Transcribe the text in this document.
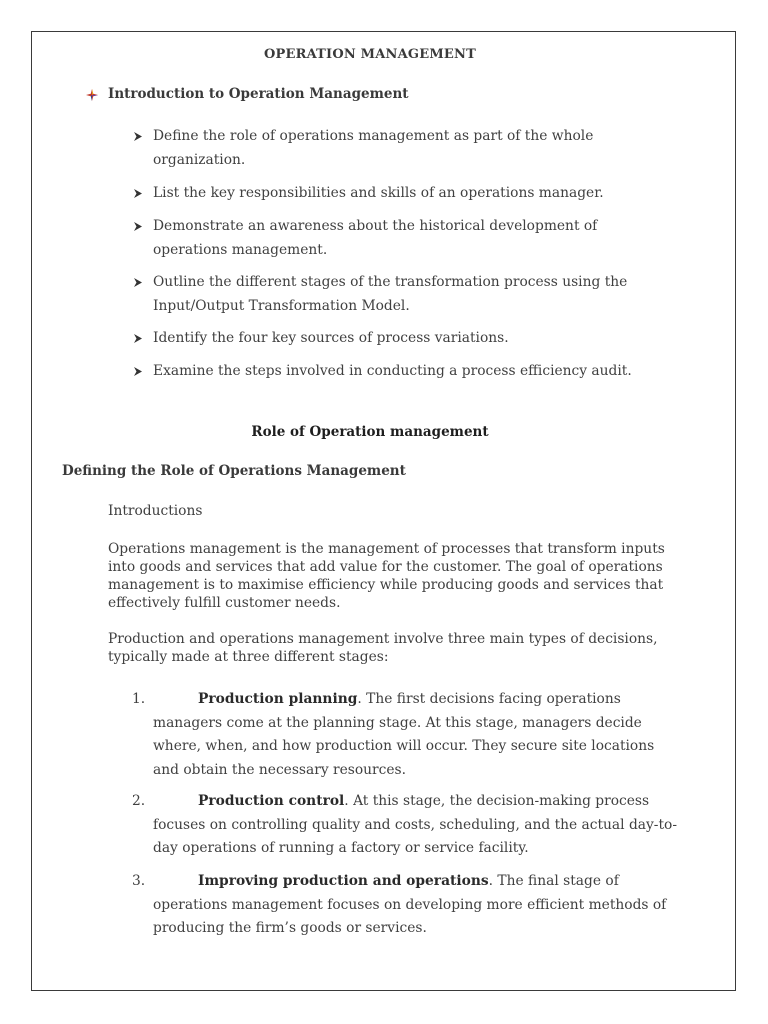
OPERATION MANAGEMENT
Introduction to Operation Management
Define the role of operations management as part of the whole organization.
List the key responsibilities and skills of an operations manager.
Demonstrate an awareness about the historical development of operations management.
Outline the different stages of the transformation process using the Input/Output Transformation Model.
Identify the four key sources of process variations.
Examine the steps involved in conducting a process efficiency audit.
Role of Operation management
Defining the Role of Operations Management
Introductions
Operations management is the management of processes that transform inputs into goods and services that add value for the customer. The goal of operations management is to maximise efficiency while producing goods and services that effectively fulfill customer needs.
Production and operations management involve three main types of decisions, typically made at three different stages:
1.	Production planning. The first decisions facing operations managers come at the planning stage. At this stage, managers decide where, when, and how production will occur. They secure site locations and obtain the necessary resources.
2.	Production control. At this stage, the decision-making process focuses on controlling quality and costs, scheduling, and the actual day-to-day operations of running a factory or service facility.
3.	Improving production and operations. The final stage of operations management focuses on developing more efficient methods of producing the firm’s goods or services.
